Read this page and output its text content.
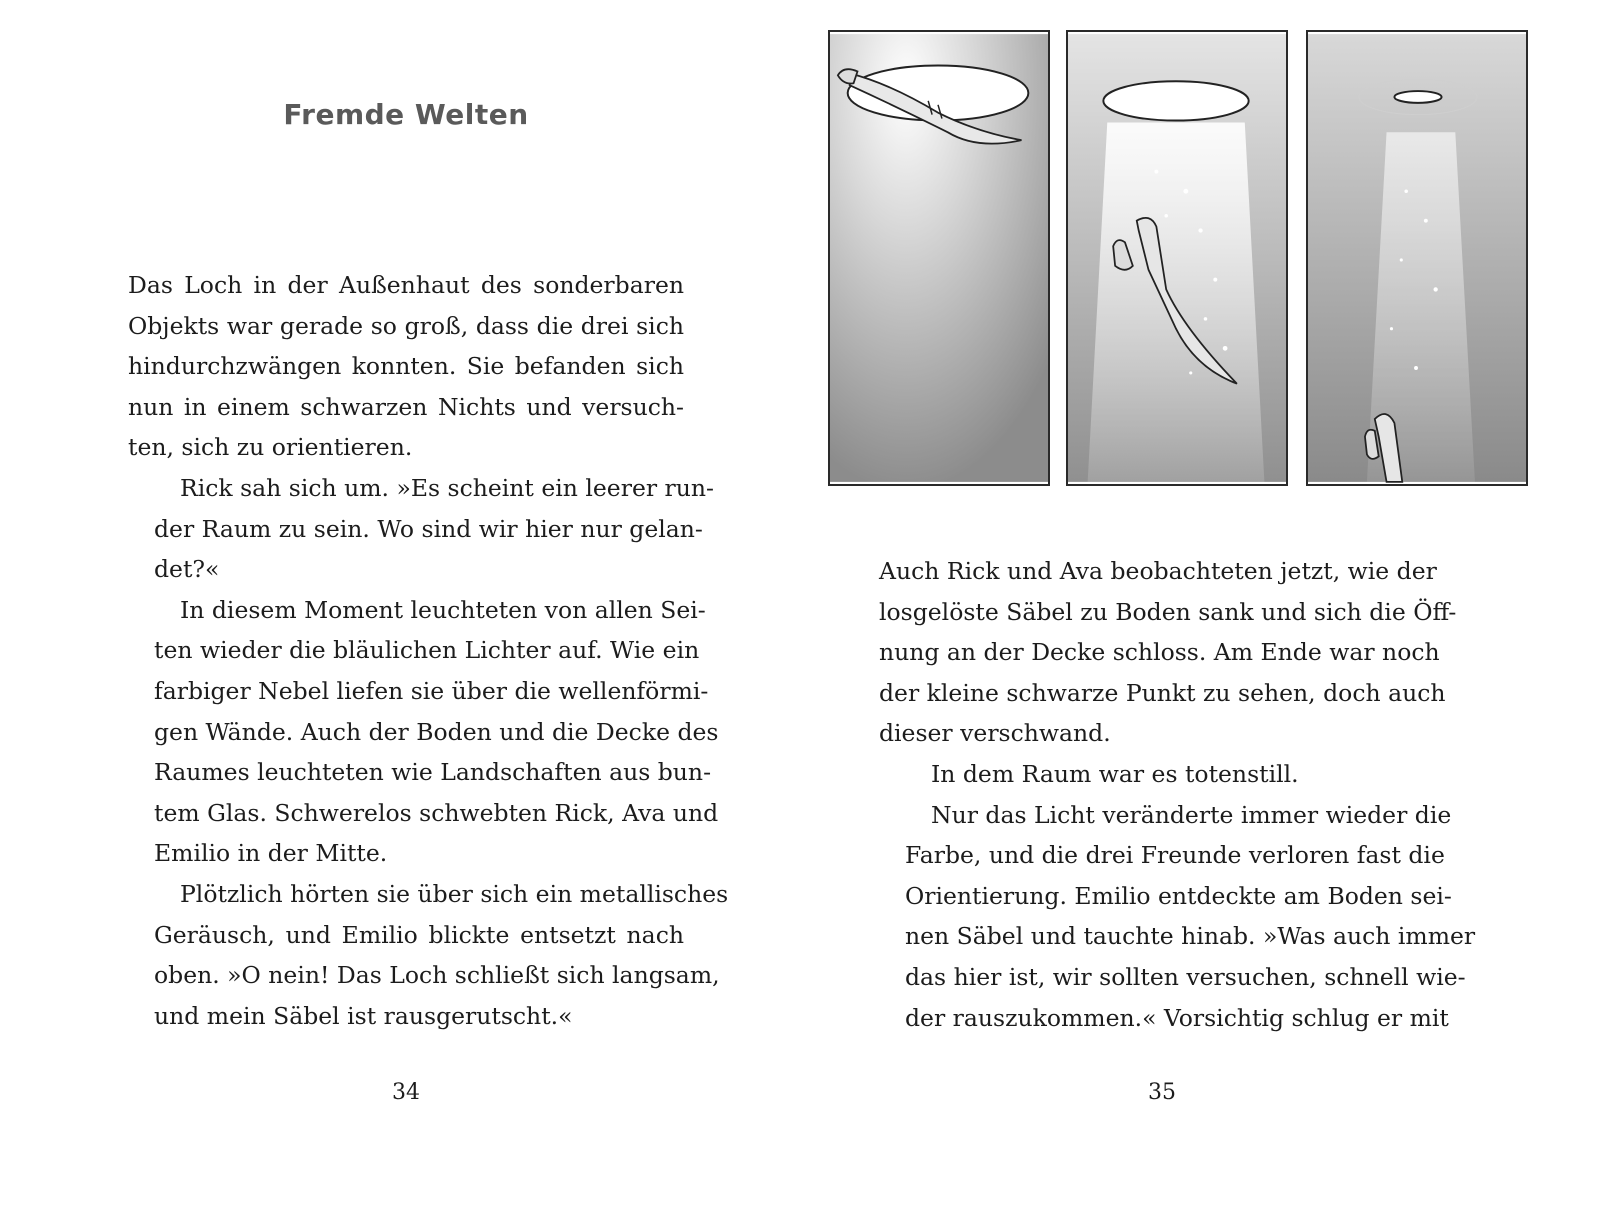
Fremde Welten
Das Loch in der Außenhaut des sonderbaren
Objekts war gerade so groß, dass die drei sich
hindurchzwängen konnten. Sie befanden sich
nun in einem schwarzen Nichts und versuch-
ten, sich zu orientieren.
Rick sah sich um. »Es scheint ein leerer run-
der Raum zu sein. Wo sind wir hier nur gelan-
det?«
In diesem Moment leuchteten von allen Sei-
ten wieder die bläulichen Lichter auf. Wie ein
farbiger Nebel liefen sie über die wellenförmi-
gen Wände. Auch der Boden und die Decke des
Raumes leuchteten wie Landschaften aus bun-
tem Glas. Schwerelos schwebten Rick, Ava und
Emilio in der Mitte.
Plötzlich hörten sie über sich ein metallisches
Geräusch, und Emilio blickte entsetzt nach
oben. »O nein! Das Loch schließt sich langsam,
und mein Säbel ist rausgerutscht.«
34
Auch Rick und Ava beobachteten jetzt, wie der
losgelöste Säbel zu Boden sank und sich die Öff-
nung an der Decke schloss. Am Ende war noch
der kleine schwarze Punkt zu sehen, doch auch
dieser verschwand.
In dem Raum war es totenstill.
Nur das Licht veränderte immer wieder die
Farbe, und die drei Freunde verloren fast die
Orientierung. Emilio entdeckte am Boden sei-
nen Säbel und tauchte hinab. »Was auch immer
das hier ist, wir sollten versuchen, schnell wie-
der rauszukommen.« Vorsichtig schlug er mit
35
